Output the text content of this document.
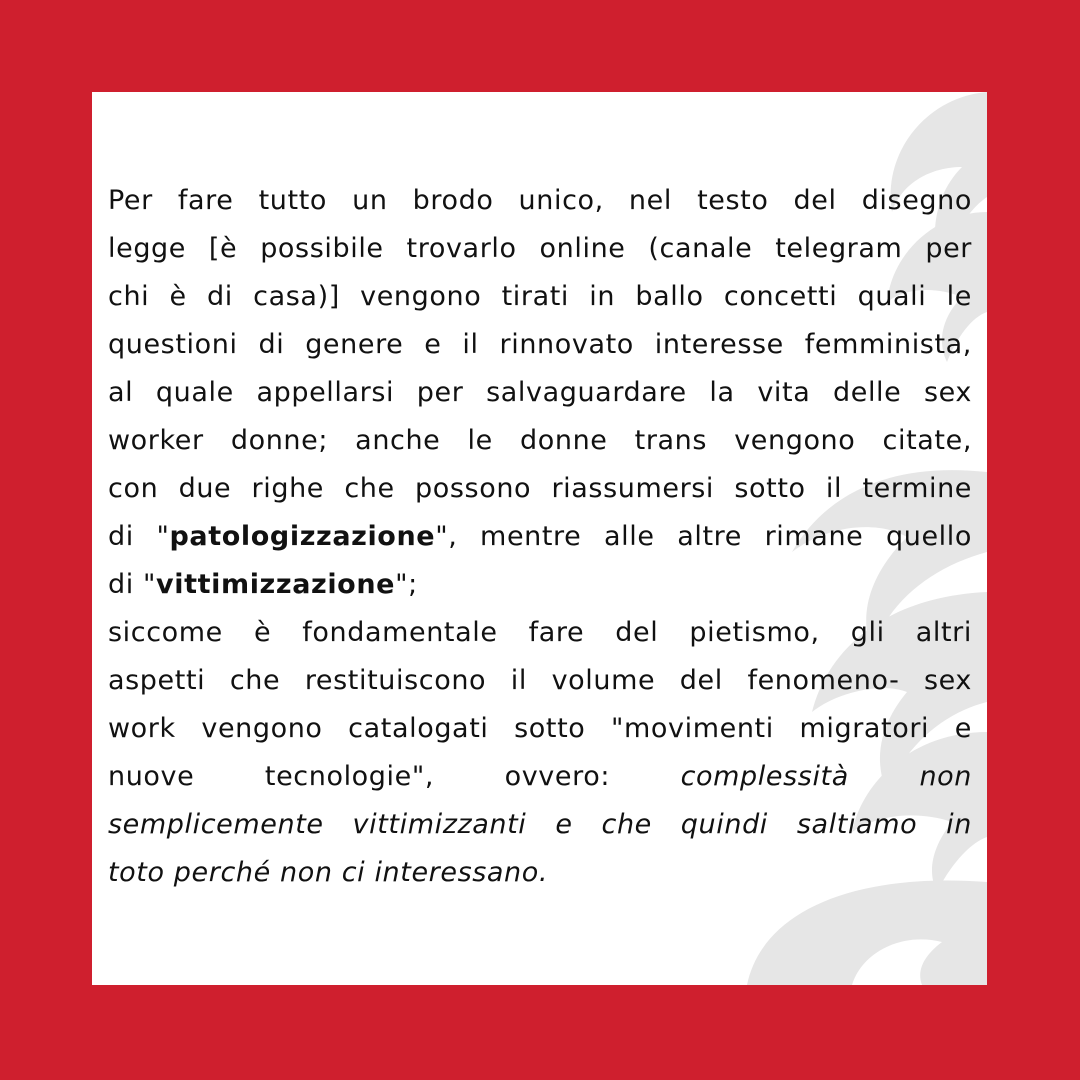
Per fare tutto un brodo unico, nel testo del disegno
legge [è possibile trovarlo online (canale telegram per
chi è di casa)] vengono tirati in ballo concetti quali le
questioni di genere e il rinnovato interesse femminista,
al quale appellarsi per salvaguardare la vita delle sex
worker donne; anche le donne trans vengono citate,
con due righe che possono riassumersi sotto il termine
di "patologizzazione", mentre alle altre rimane quello
di "vittimizzazione";
siccome è fondamentale fare del pietismo, gli altri
aspetti che restituiscono il volume del fenomeno- sex
work vengono catalogati sotto "movimenti migratori e
nuove tecnologie", ovvero: complessità non
semplicemente vittimizzanti e che quindi saltiamo in
toto perché non ci interessano.
